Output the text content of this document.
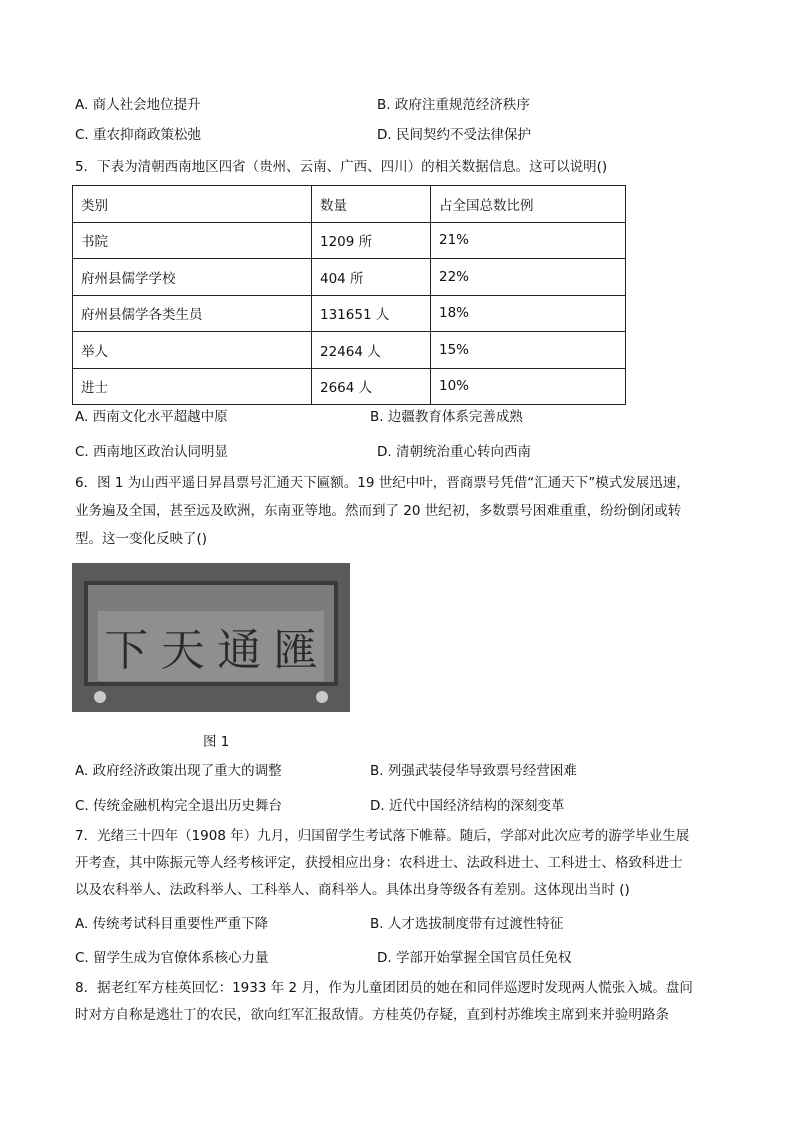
A. 商人社会地位提升	B. 政府注重规范经济秩序
C. 重农抑商政策松弛	D. 民间契约不受法律保护
5．下表为清朝西南地区四省（贵州、云南、广西、四川）的相关数据信息。这可以说明()
类别	数量	占全国总数比例
书院	1209 所	21%
府州县儒学学校	404 所	22%
府州县儒学各类生员	131651 人	18%
举人	22464 人	15%
进士	2664 人	10%
A. 西南文化水平超越中原	B. 边疆教育体系完善成熟
C. 西南地区政治认同明显	D. 清朝统治重心转向西南
6．图 1 为山西平遥日昇昌票号汇通天下匾额。19 世纪中叶，晋商票号凭借“汇通天下”模式发展迅速，
业务遍及全国，甚至远及欧洲，东南亚等地。然而到了 20 世纪初，多数票号困难重重，纷纷倒闭或转
型。这一变化反映了()
下 天 通 匯
图 1
A. 政府经济政策出现了重大的调整	B. 列强武装侵华导致票号经营困难
C. 传统金融机构完全退出历史舞台	D. 近代中国经济结构的深刻变革
7．光绪三十四年（1908 年）九月，归国留学生考试落下帷幕。随后，学部对此次应考的游学毕业生展
开考查，其中陈振元等人经考核评定，获授相应出身：农科进士、法政科进士、工科进士、格致科进士
以及农科举人、法政科举人、工科举人、商科举人。具体出身等级各有差别。这体现出当时 ()
A. 传统考试科目重要性严重下降	B. 人才选拔制度带有过渡性特征
C. 留学生成为官僚体系核心力量	D. 学部开始掌握全国官员任免权
8．据老红军方桂英回忆：1933 年 2 月，作为儿童团团员的她在和同伴巡逻时发现两人慌张入城。盘问
时对方自称是逃壮丁的农民，欲向红军汇报敌情。方桂英仍存疑，直到村苏维埃主席到来并验明路条
